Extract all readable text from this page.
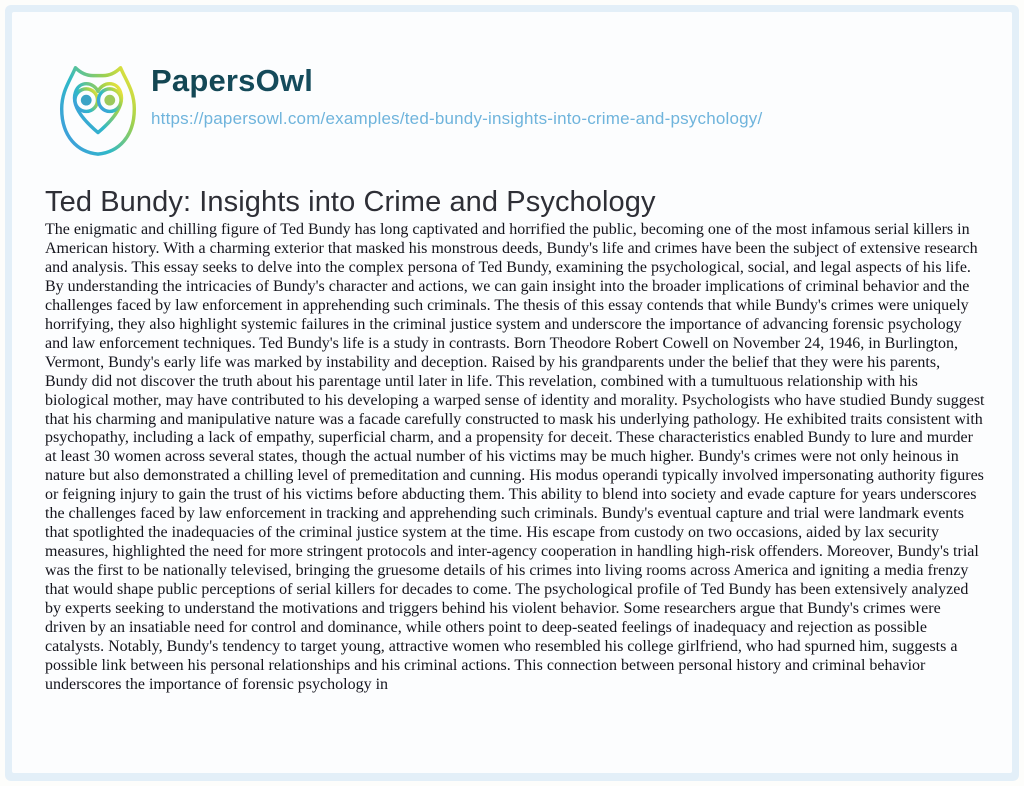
PapersOwl
https://papersowl.com/examples/ted-bundy-insights-into-crime-and-psychology/
Ted Bundy: Insights into Crime and Psychology
The enigmatic and chilling figure of Ted Bundy has long captivated and horrified the public, becoming one of the most infamous serial killers in American history. With a charming exterior that masked his monstrous deeds, Bundy's life and crimes have been the subject of extensive research and analysis. This essay seeks to delve into the complex persona of Ted Bundy, examining the psychological, social, and legal aspects of his life. By understanding the intricacies of Bundy's character and actions, we can gain insight into the broader implications of criminal behavior and the challenges faced by law enforcement in apprehending such criminals. The thesis of this essay contends that while Bundy's crimes were uniquely horrifying, they also highlight systemic failures in the criminal justice system and underscore the importance of advancing forensic psychology and law enforcement techniques. Ted Bundy's life is a study in contrasts. Born Theodore Robert Cowell on November 24, 1946, in Burlington, Vermont, Bundy's early life was marked by instability and deception. Raised by his grandparents under the belief that they were his parents, Bundy did not discover the truth about his parentage until later in life. This revelation, combined with a tumultuous relationship with his biological mother, may have contributed to his developing a warped sense of identity and morality. Psychologists who have studied Bundy suggest that his charming and manipulative nature was a facade carefully constructed to mask his underlying pathology. He exhibited traits consistent with psychopathy, including a lack of empathy, superficial charm, and a propensity for deceit. These characteristics enabled Bundy to lure and murder at least 30 women across several states, though the actual number of his victims may be much higher. Bundy's crimes were not only heinous in nature but also demonstrated a chilling level of premeditation and cunning. His modus operandi typically involved impersonating authority figures or feigning injury to gain the trust of his victims before abducting them. This ability to blend into society and evade capture for years underscores the challenges faced by law enforcement in tracking and apprehending such criminals. Bundy's eventual capture and trial were landmark events that spotlighted the inadequacies of the criminal justice system at the time. His escape from custody on two occasions, aided by lax security measures, highlighted the need for more stringent protocols and inter-agency cooperation in handling high-risk offenders. Moreover, Bundy's trial was the first to be nationally televised, bringing the gruesome details of his crimes into living rooms across America and igniting a media frenzy that would shape public perceptions of serial killers for decades to come. The psychological profile of Ted Bundy has been extensively analyzed by experts seeking to understand the motivations and triggers behind his violent behavior. Some researchers argue that Bundy's crimes were driven by an insatiable need for control and dominance, while others point to deep-seated feelings of inadequacy and rejection as possible catalysts. Notably, Bundy's tendency to target young, attractive women who resembled his college girlfriend, who had spurned him, suggests a possible link between his personal relationships and his criminal actions. This connection between personal history and criminal behavior underscores the importance of forensic psychology in
